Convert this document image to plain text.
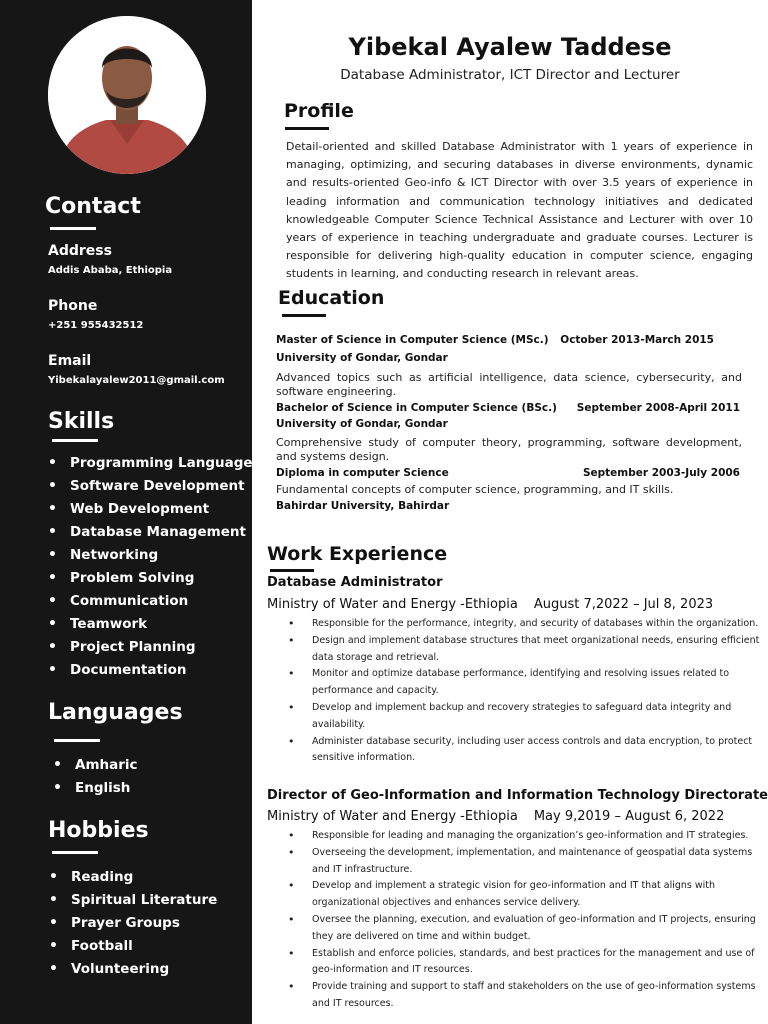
Contact
Address
Addis Ababa, Ethiopia
Phone
+251 955432512
Email
Yibekalayalew2011@gmail.com
Skills
• Programming Languages
• Software Development
• Web Development
• Database Management
• Networking
• Problem Solving
• Communication
• Teamwork
• Project Planning
• Documentation
Languages
• Amharic
• English
Hobbies
• Reading
• Spiritual Literature
• Prayer Groups
• Football
• Volunteering
Yibekal Ayalew Taddese
Database Administrator, ICT Director and Lecturer
Profile
Detail-oriented and skilled Database Administrator with 1 years of experience in managing, optimizing, and securing databases in diverse environments, dynamic and results-oriented Geo-info & ICT Director with over 3.5 years of experience in leading information and communication technology initiatives and dedicated knowledgeable Computer Science Technical Assistance and Lecturer with over 10 years of experience in teaching undergraduate and graduate courses. Lecturer is responsible for delivering high-quality education in computer science, engaging students in learning, and conducting research in relevant areas.
Education
Master of Science in Computer Science (MSc.) October 2013-March 2015
University of Gondar, Gondar
Advanced topics such as artificial intelligence, data science, cybersecurity, and software engineering.
Bachelor of Science in Computer Science (BSc.) September 2008-April 2011
University of Gondar, Gondar
Comprehensive study of computer theory, programming, software development, and systems design.
Diploma in computer Science	September 2003-July 2006
Fundamental concepts of computer science, programming, and IT skills.
Bahirdar University, Bahirdar
Work Experience
Database Administrator
Ministry of Water and Energy -Ethiopia August 7,2022 – Jul 8, 2023
• Responsible for the performance, integrity, and security of databases within the organization.
• Design and implement database structures that meet organizational needs, ensuring efficient data storage and retrieval.
• Monitor and optimize database performance, identifying and resolving issues related to performance and capacity.
• Develop and implement backup and recovery strategies to safeguard data integrity and availability.
• Administer database security, including user access controls and data encryption, to protect sensitive information.
Director of Geo-Information and Information Technology Directorate
Ministry of Water and Energy -Ethiopia May 9,2019 – August 6, 2022
• Responsible for leading and managing the organization’s geo-information and IT strategies.
• Overseeing the development, implementation, and maintenance of geospatial data systems and IT infrastructure.
• Develop and implement a strategic vision for geo-information and IT that aligns with organizational objectives and enhances service delivery.
• Oversee the planning, execution, and evaluation of geo-information and IT projects, ensuring they are delivered on time and within budget.
• Establish and enforce policies, standards, and best practices for the management and use of geo-information and IT resources.
• Provide training and support to staff and stakeholders on the use of geo-information systems and IT resources.
